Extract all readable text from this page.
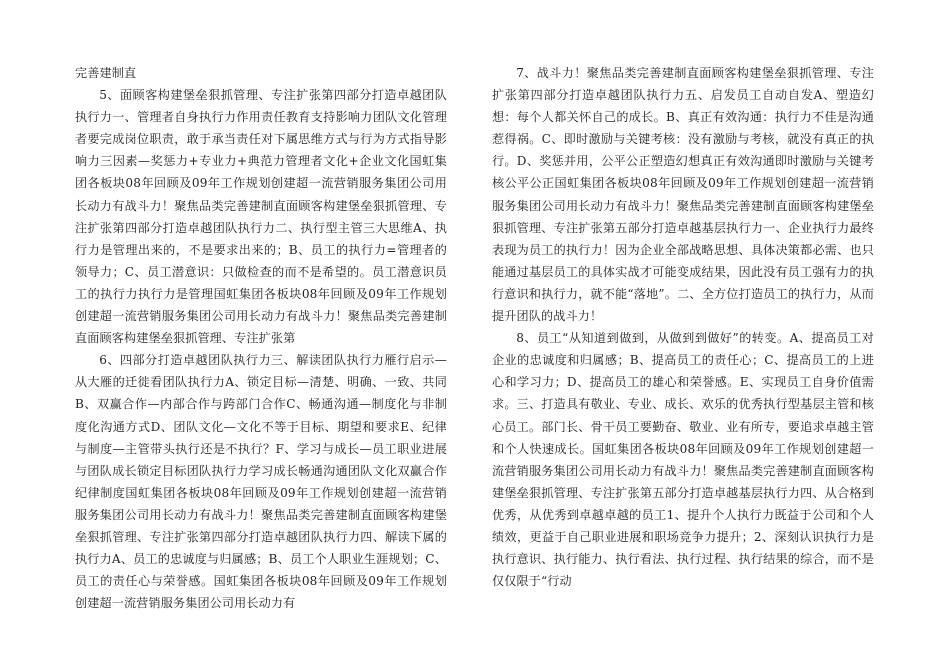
完善建制直

5、面顾客构建堡垒狠抓管理、专注扩张第四部分打造卓越团队执行力一、管理者自身执行力作用责任教育支持影响力团队文化管理者要完成岗位职责，敢于承当责任对下属思维方式与行为方式指导影响力三因素—奖惩力+专业力+典范力管理者文化+企业文化国虹集团各板块08年回顾及09年工作规划创建超一流营销服务集团公司用长动力有战斗力！聚焦品类完善建制直面顾客构建堡垒狠抓管理、专注扩张第四部分打造卓越团队执行力二、执行型主管三大思维A、执行力是管理出来的，不是要求出来的；B、员工的执行力=管理者的领导力；C、员工潜意识：只做检查的而不是希望的。员工潜意识员工的执行力执行力是管理国虹集团各板块08年回顾及09年工作规划创建超一流营销服务集团公司用长动力有战斗力！聚焦品类完善建制直面顾客构建堡垒狠抓管理、专注扩张第

6、四部分打造卓越团队执行力三、解读团队执行力雁行启示—从大雁的迁徙看团队执行力A、锁定目标—清楚、明确、一致、共同B、双赢合作—内部合作与跨部门合作C、畅通沟通—制度化与非制度化沟通方式D、团队文化—文化不等于目标、期望和要求E、纪律与制度—主管带头执行还是不执行？F、学习与成长—员工职业进展与团队成长锁定目标团队执行力学习成长畅通沟通团队文化双赢合作纪律制度国虹集团各板块08年回顾及09年工作规划创建超一流营销服务集团公司用长动力有战斗力！聚焦品类完善建制直面顾客构建堡垒狠抓管理、专注扩张第四部分打造卓越团队执行力四、解读下属的执行力A、员工的忠诚度与归属感；B、员工个人职业生涯规划；C、员工的责任心与荣誉感。国虹集团各板块08年回顾及09年工作规划创建超一流营销服务集团公司用长动力有

7、战斗力！聚焦品类完善建制直面顾客构建堡垒狠抓管理、专注扩张第四部分打造卓越团队执行力五、启发员工自动自发A、塑造幻想：每个人都关怀自己的成长。B、真正有效沟通：执行力不佳是沟通惹得祸。C、即时激励与关键考核：没有激励与考核，就没有真正的执行。D、奖惩并用，公平公正塑造幻想真正有效沟通即时激励与关键考核公平公正国虹集团各板块08年回顾及09年工作规划创建超一流营销服务集团公司用长动力有战斗力！聚焦品类完善建制直面顾客构建堡垒狠抓管理、专注扩张第五部分打造卓越基层执行力一、企业执行力最终表现为员工的执行力！因为企业全部战略思想、具体决策都必需、也只能通过基层员工的具体实战才可能变成结果，因此没有员工强有力的执行意识和执行力，就不能“落地”。二、全方位打造员工的执行力，从而提升团队的战斗力！

8、员工“从知道到做到，从做到到做好”的转变。A、提高员工对企业的忠诚度和归属感；B、提高员工的责任心；C、提高员工的上进心和学习力；D、提高员工的雄心和荣誉感。E、实现员工自身价值需求。三、打造具有敬业、专业、成长、欢乐的优秀执行型基层主管和核心员工。部门长、骨干员工要勤奋、敬业、业有所专，要追求卓越主管和个人快速成长。国虹集团各板块08年回顾及09年工作规划创建超一流营销服务集团公司用长动力有战斗力！聚焦品类完善建制直面顾客构建堡垒狠抓管理、专注扩张第五部分打造卓越基层执行力四、从合格到优秀，从优秀到卓越卓越的员工1、提升个人执行力既益于公司和个人绩效，更益于自己职业进展和职场竞争力提升；2、深刻认识执行力是执行意识、执行能力、执行看法、执行过程、执行结果的综合，而不是仅仅限于“行动
